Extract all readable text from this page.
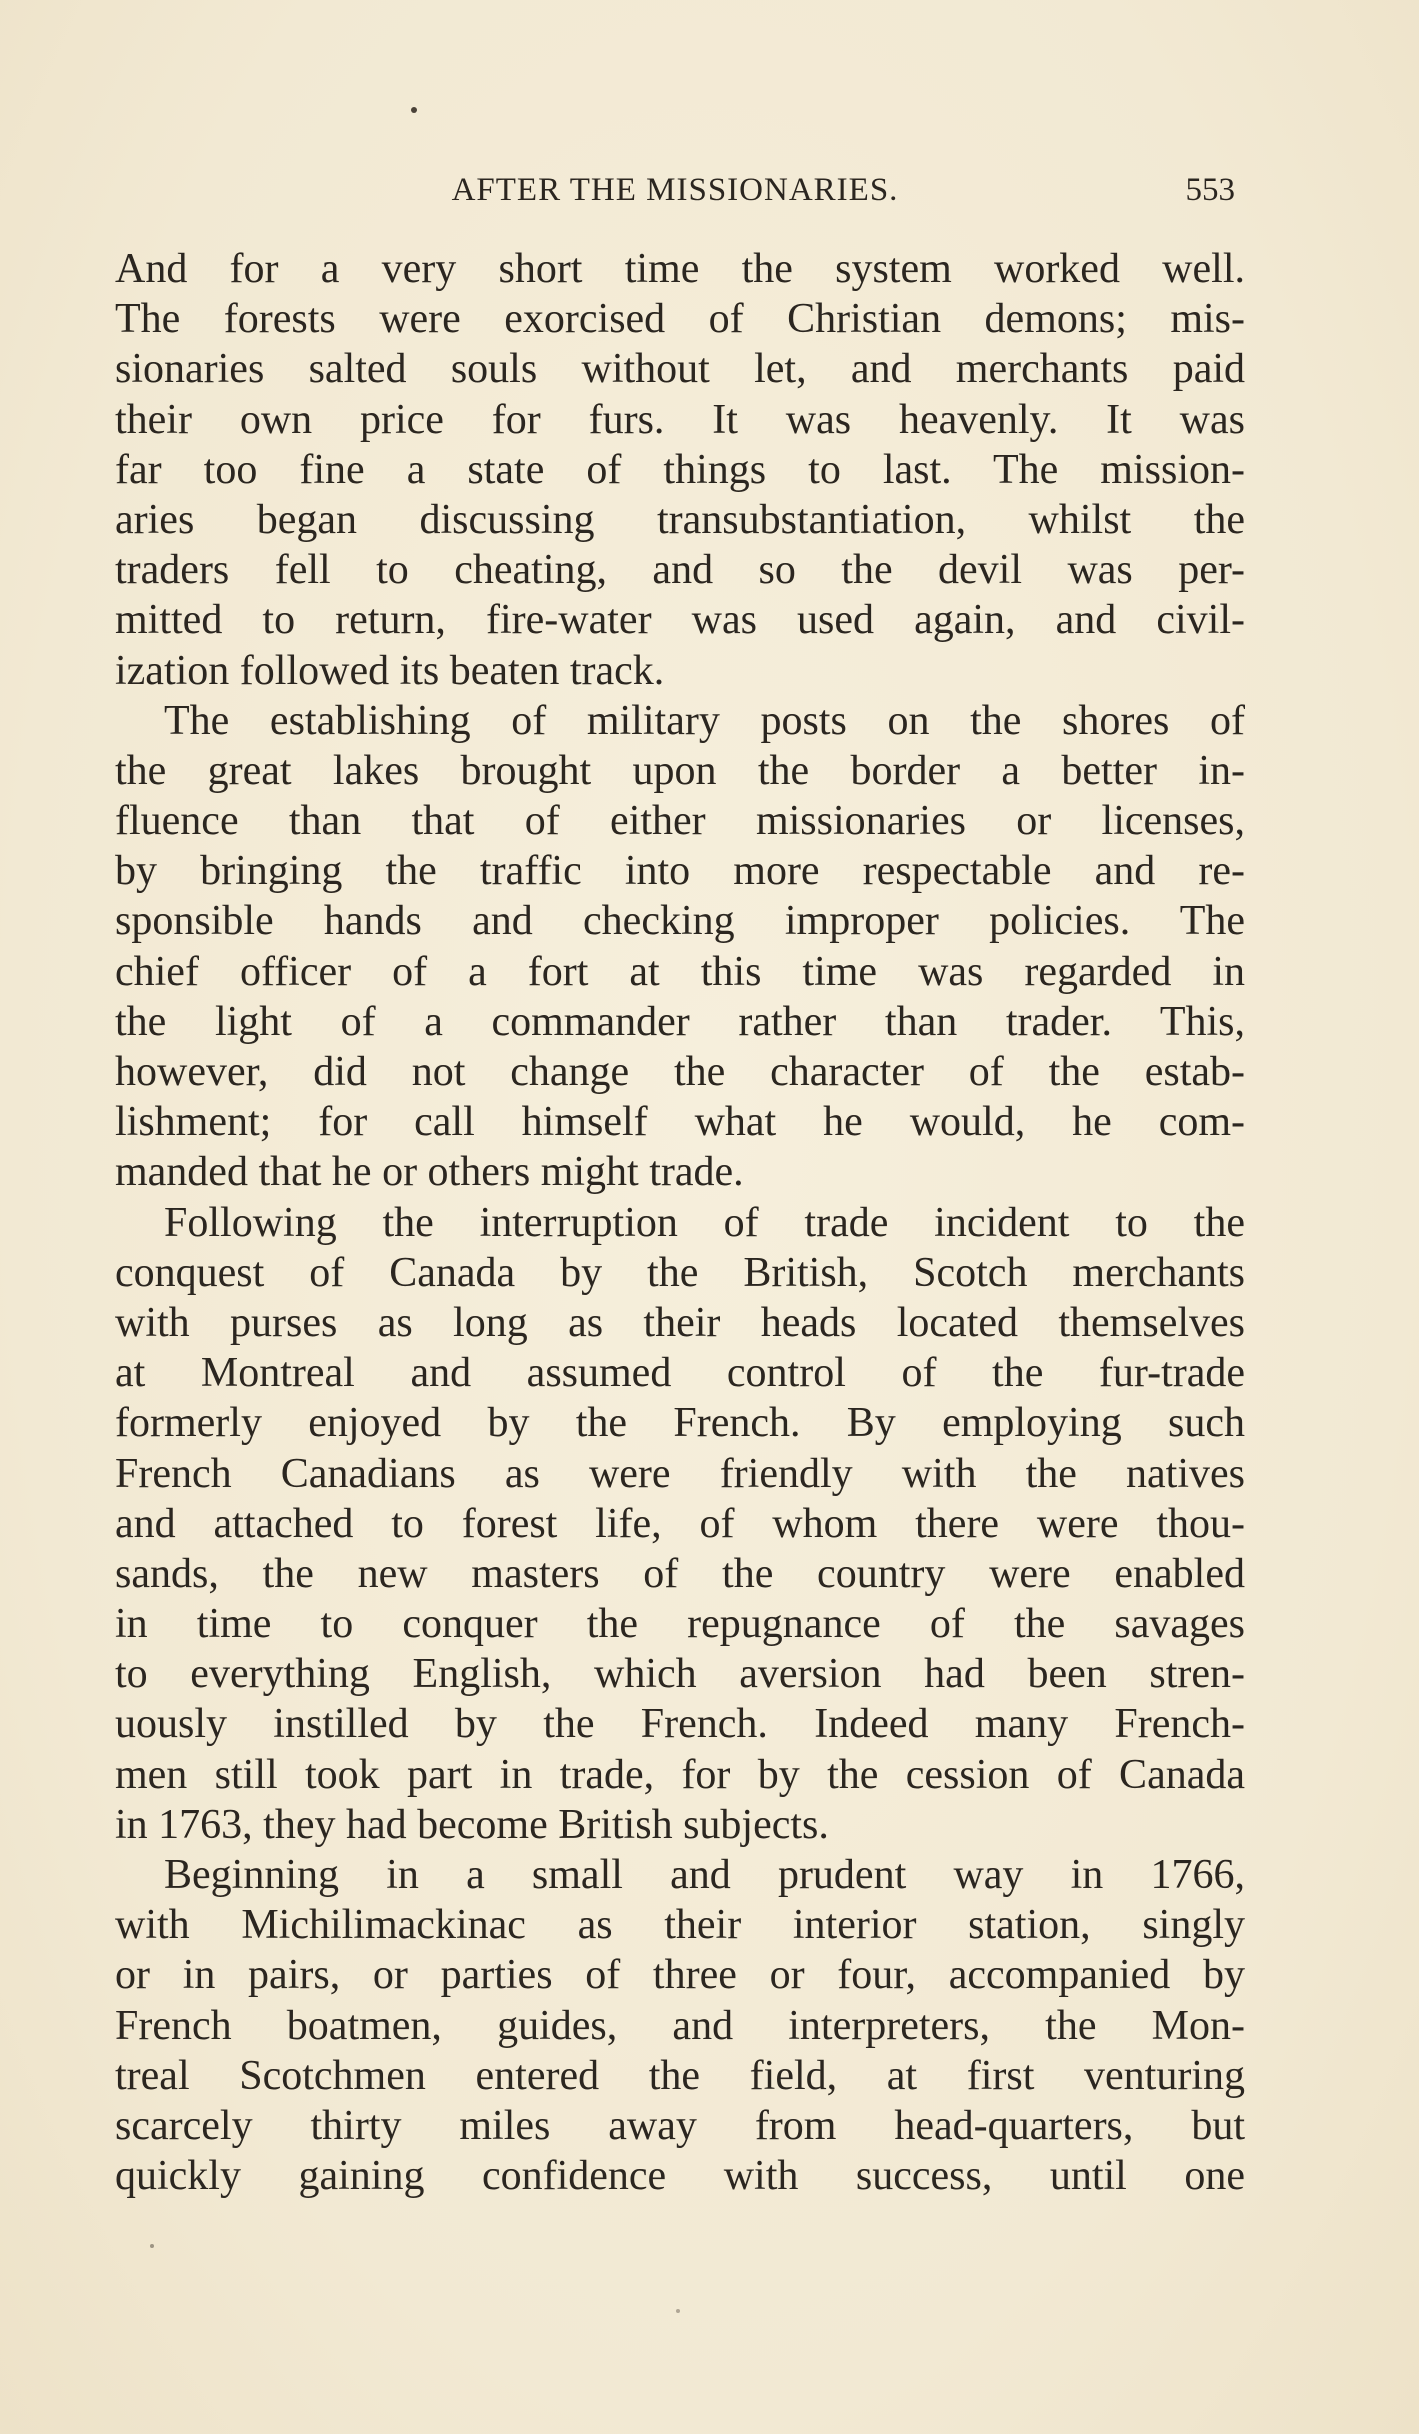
AFTER THE MISSIONARIES.	553
And for a very short time the system worked well.
The forests were exorcised of Christian demons; mis-
sionaries salted souls without let, and merchants paid
their own price for furs. It was heavenly. It was
far too fine a state of things to last. The mission-
aries began discussing transubstantiation, whilst the
traders fell to cheating, and so the devil was per-
mitted to return, fire-water was used again, and civil-
ization followed its beaten track.
The establishing of military posts on the shores of
the great lakes brought upon the border a better in-
fluence than that of either missionaries or licenses,
by bringing the traffic into more respectable and re-
sponsible hands and checking improper policies. The
chief officer of a fort at this time was regarded in
the light of a commander rather than trader. This,
however, did not change the character of the estab-
lishment; for call himself what he would, he com-
manded that he or others might trade.
Following the interruption of trade incident to the
conquest of Canada by the British, Scotch merchants
with purses as long as their heads located themselves
at Montreal and assumed control of the fur-trade
formerly enjoyed by the French. By employing such
French Canadians as were friendly with the natives
and attached to forest life, of whom there were thou-
sands, the new masters of the country were enabled
in time to conquer the repugnance of the savages
to everything English, which aversion had been stren-
uously instilled by the French. Indeed many French-
men still took part in trade, for by the cession of Canada
in 1763, they had become British subjects.
Beginning in a small and prudent way in 1766,
with Michilimackinac as their interior station, singly
or in pairs, or parties of three or four, accompanied by
French boatmen, guides, and interpreters, the Mon-
treal Scotchmen entered the field, at first venturing
scarcely thirty miles away from head-quarters, but
quickly gaining confidence with success, until one
